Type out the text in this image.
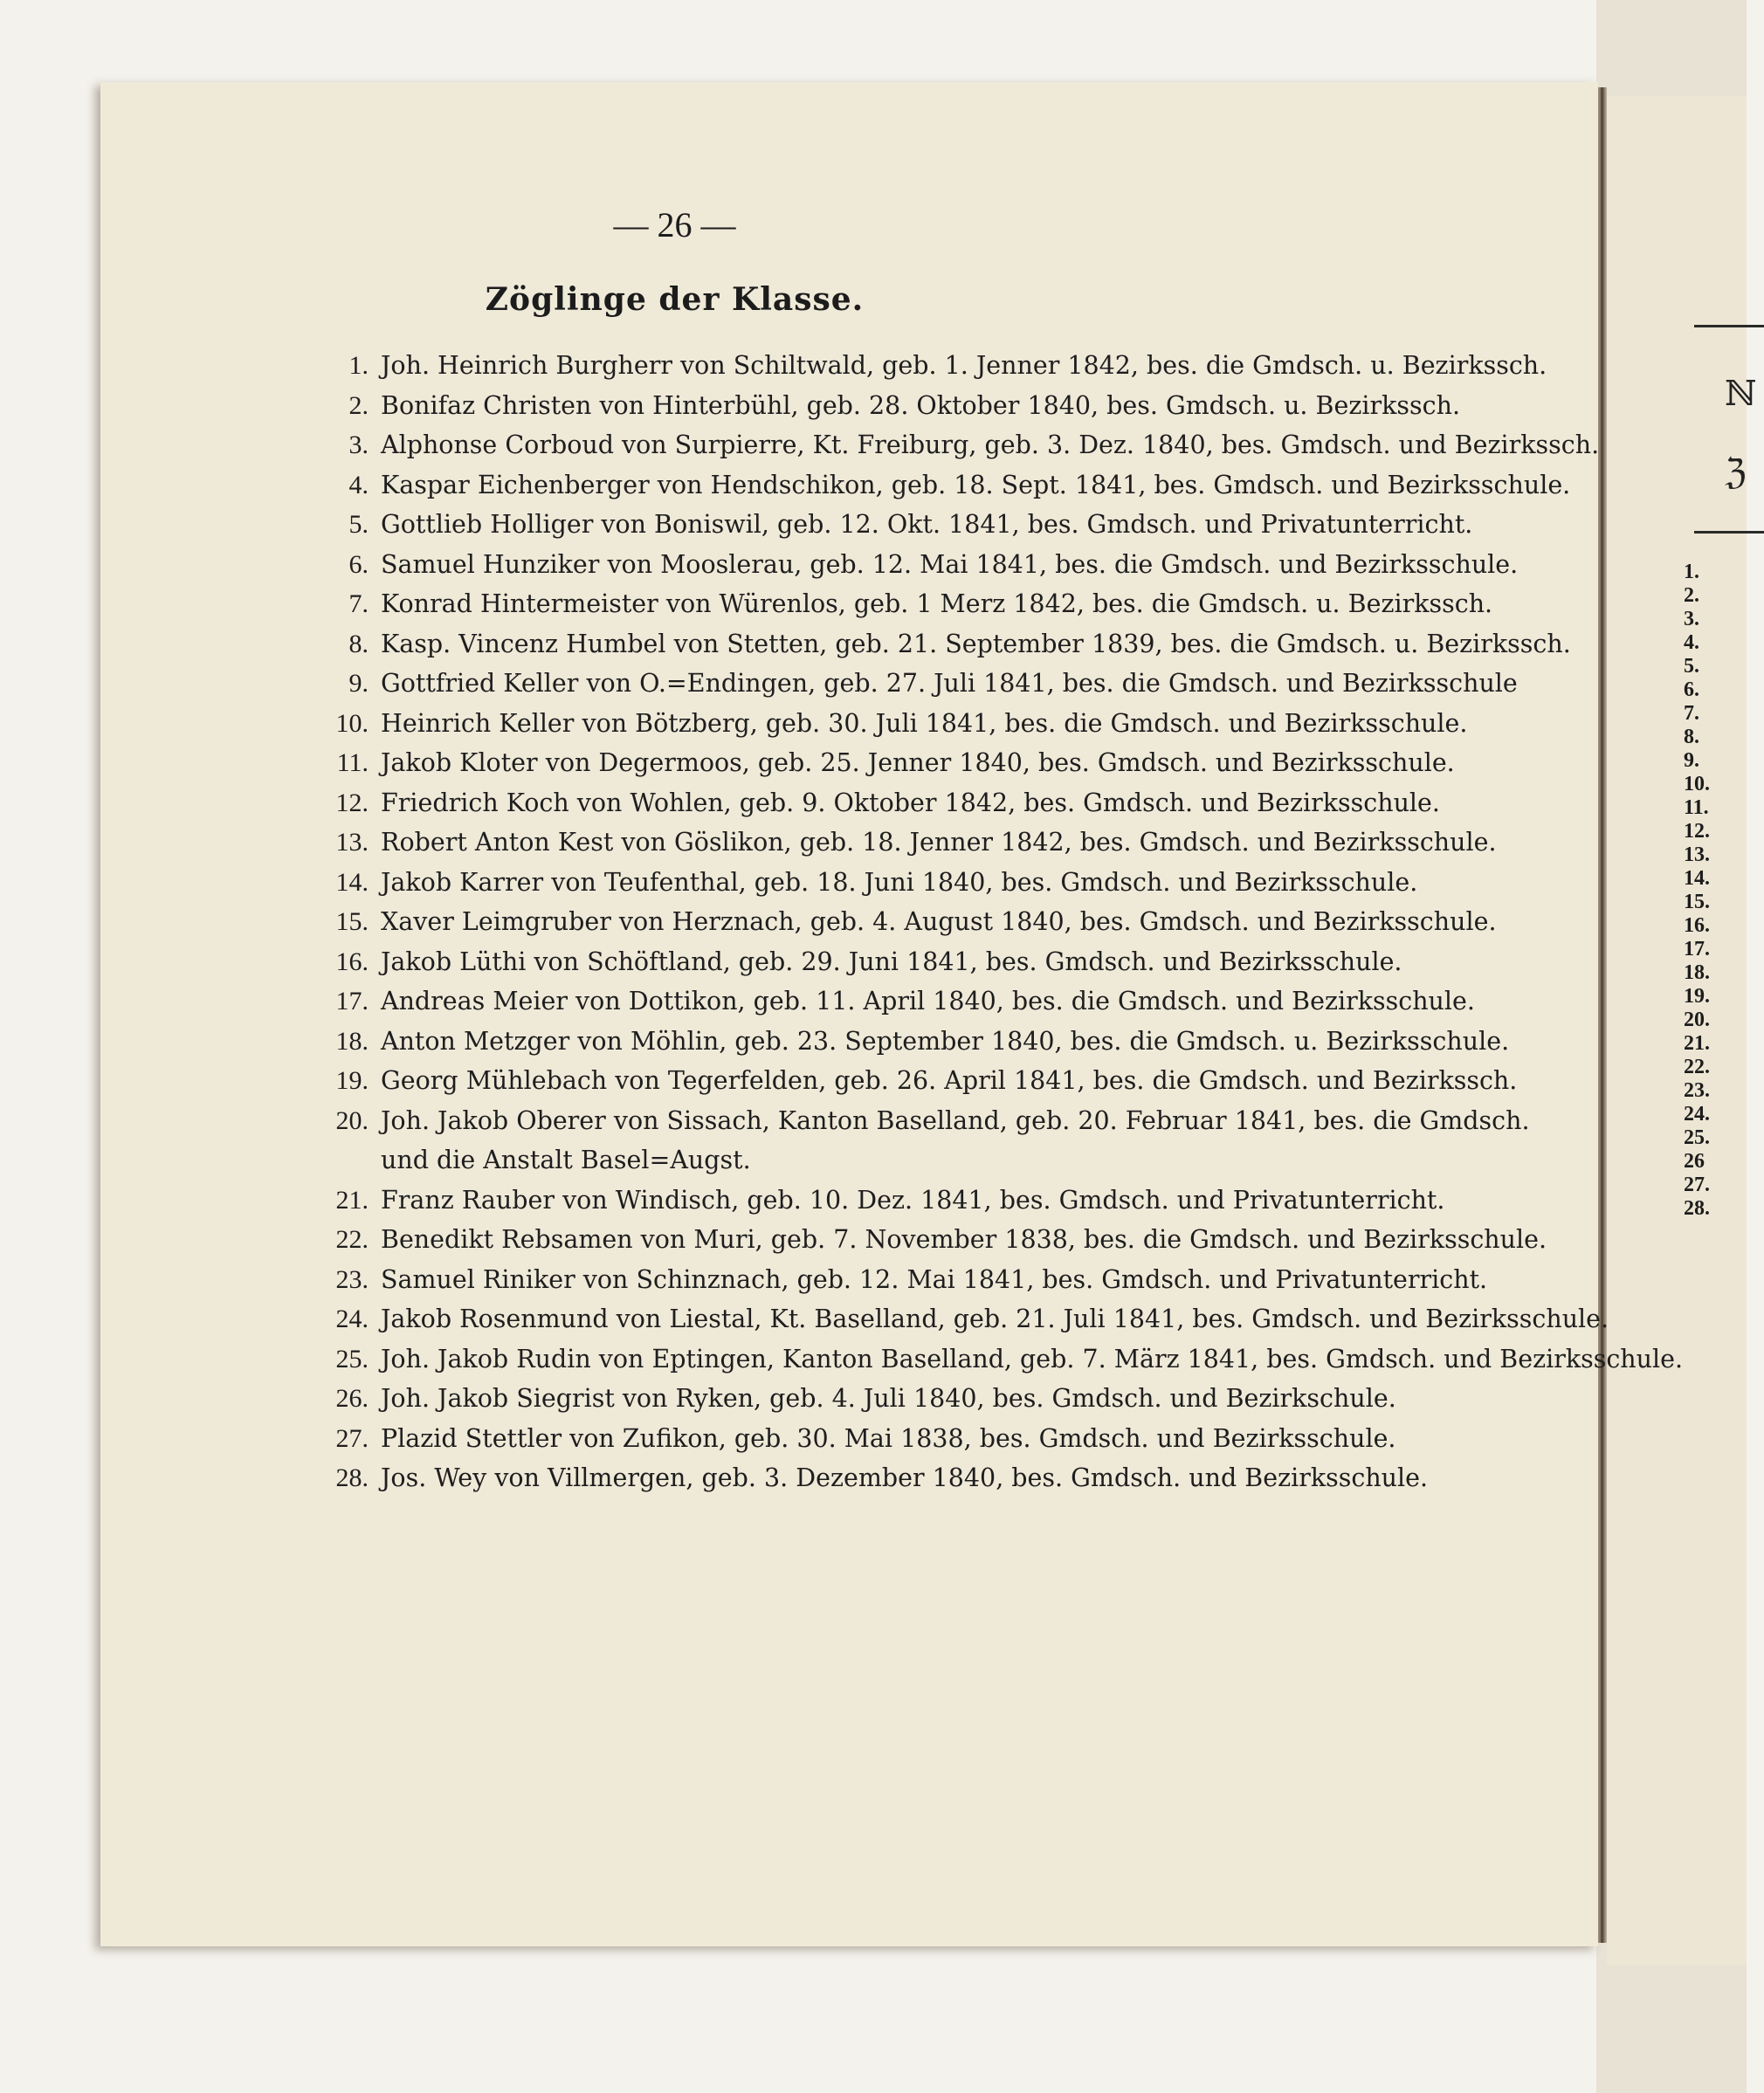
ℕ
ℨ
1.
2.
3.
4.
5.
6.
7.
8.
9.
10.
11.
12.
13.
14.
15.
16.
17.
18.
19.
20.
21.
22.
23.
24.
25.
26
27.
28.
— 26 —
Zöglinge der Klasse.
1. Joh. Heinrich Burgherr von Schiltwald, geb. 1. Jenner 1842, bes. die Gmdsch. u. Bezirkssch.
2. Bonifaz Christen von Hinterbühl, geb. 28. Oktober 1840, bes. Gmdsch. u. Bezirkssch.
3. Alphonse Corboud von Surpierre, Kt. Freiburg, geb. 3. Dez. 1840, bes. Gmdsch. und Bezirkssch.
4. Kaspar Eichenberger von Hendschikon, geb. 18. Sept. 1841, bes. Gmdsch. und Bezirksschule.
5. Gottlieb Holliger von Boniswil, geb. 12. Okt. 1841, bes. Gmdsch. und Privatunterricht.
6. Samuel Hunziker von Mooslerau, geb. 12. Mai 1841, bes. die Gmdsch. und Bezirksschule.
7. Konrad Hintermeister von Würenlos, geb. 1 Merz 1842, bes. die Gmdsch. u. Bezirkssch.
8. Kasp. Vincenz Humbel von Stetten, geb. 21. September 1839, bes. die Gmdsch. u. Bezirkssch.
9. Gottfried Keller von O.=Endingen, geb. 27. Juli 1841, bes. die Gmdsch. und Bezirksschule
10. Heinrich Keller von Bötzberg, geb. 30. Juli 1841, bes. die Gmdsch. und Bezirksschule.
11. Jakob Kloter von Degermoos, geb. 25. Jenner 1840, bes. Gmdsch. und Bezirksschule.
12. Friedrich Koch von Wohlen, geb. 9. Oktober 1842, bes. Gmdsch. und Bezirksschule.
13. Robert Anton Kest von Göslikon, geb. 18. Jenner 1842, bes. Gmdsch. und Bezirksschule.
14. Jakob Karrer von Teufenthal, geb. 18. Juni 1840, bes. Gmdsch. und Bezirksschule.
15. Xaver Leimgruber von Herznach, geb. 4. August 1840, bes. Gmdsch. und Bezirksschule.
16. Jakob Lüthi von Schöftland, geb. 29. Juni 1841, bes. Gmdsch. und Bezirksschule.
17. Andreas Meier von Dottikon, geb. 11. April 1840, bes. die Gmdsch. und Bezirksschule.
18. Anton Metzger von Möhlin, geb. 23. September 1840, bes. die Gmdsch. u. Bezirksschule.
19. Georg Mühlebach von Tegerfelden, geb. 26. April 1841, bes. die Gmdsch. und Bezirkssch.
20. Joh. Jakob Oberer von Sissach, Kanton Baselland, geb. 20. Februar 1841, bes. die Gmdsch. und die Anstalt Basel=Augst.
21. Franz Rauber von Windisch, geb. 10. Dez. 1841, bes. Gmdsch. und Privatunterricht.
22. Benedikt Rebsamen von Muri, geb. 7. November 1838, bes. die Gmdsch. und Bezirksschule.
23. Samuel Riniker von Schinznach, geb. 12. Mai 1841, bes. Gmdsch. und Privatunterricht.
24. Jakob Rosenmund von Liestal, Kt. Baselland, geb. 21. Juli 1841, bes. Gmdsch. und Bezirksschule.
25. Joh. Jakob Rudin von Eptingen, Kanton Baselland, geb. 7. März 1841, bes. Gmdsch. und Bezirksschule.
26. Joh. Jakob Siegrist von Ryken, geb. 4. Juli 1840, bes. Gmdsch. und Bezirkschule.
27. Plazid Stettler von Zufikon, geb. 30. Mai 1838, bes. Gmdsch. und Bezirksschule.
28. Jos. Wey von Villmergen, geb. 3. Dezember 1840, bes. Gmdsch. und Bezirksschule.
